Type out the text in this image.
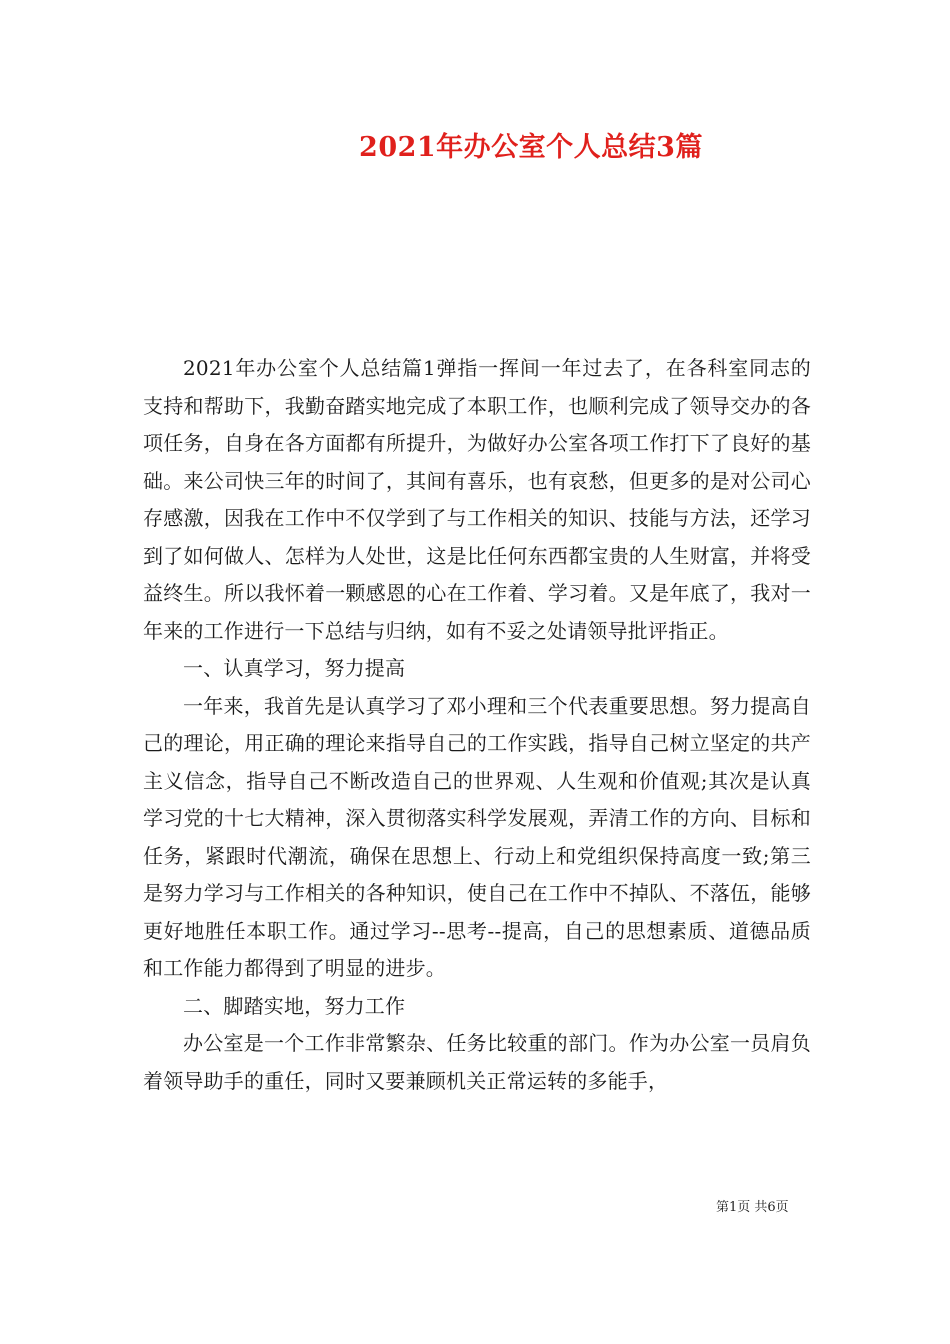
2021年办公室个人总结3篇

2021年办公室个人总结篇1弹指一挥间一年过去了，在各科室同志的支持和帮助下，我勤奋踏实地完成了本职工作，也顺利完成了领导交办的各项任务，自身在各方面都有所提升，为做好办公室各项工作打下了良好的基础。来公司快三年的时间了，其间有喜乐，也有哀愁，但更多的是对公司心存感激，因我在工作中不仅学到了与工作相关的知识、技能与方法，还学习到了如何做人、怎样为人处世，这是比任何东西都宝贵的人生财富，并将受益终生。所以我怀着一颗感恩的心在工作着、学习着。又是年底了，我对一年来的工作进行一下总结与归纳，如有不妥之处请领导批评指正。

一、认真学习，努力提高

一年来，我首先是认真学习了邓小理和三个代表重要思想。努力提高自己的理论，用正确的理论来指导自己的工作实践，指导自己树立坚定的共产主义信念，指导自己不断改造自己的世界观、人生观和价值观;其次是认真学习党的十七大精神，深入贯彻落实科学发展观，弄清工作的方向、目标和任务，紧跟时代潮流，确保在思想上、行动上和党组织保持高度一致;第三是努力学习与工作相关的各种知识，使自己在工作中不掉队、不落伍，能够更好地胜任本职工作。通过学习--思考--提高，自己的思想素质、道德品质和工作能力都得到了明显的进步。

二、脚踏实地，努力工作

办公室是一个工作非常繁杂、任务比较重的部门。作为办公室一员肩负着领导助手的重任，同时又要兼顾机关正常运转的多能手，

第1页 共6页
